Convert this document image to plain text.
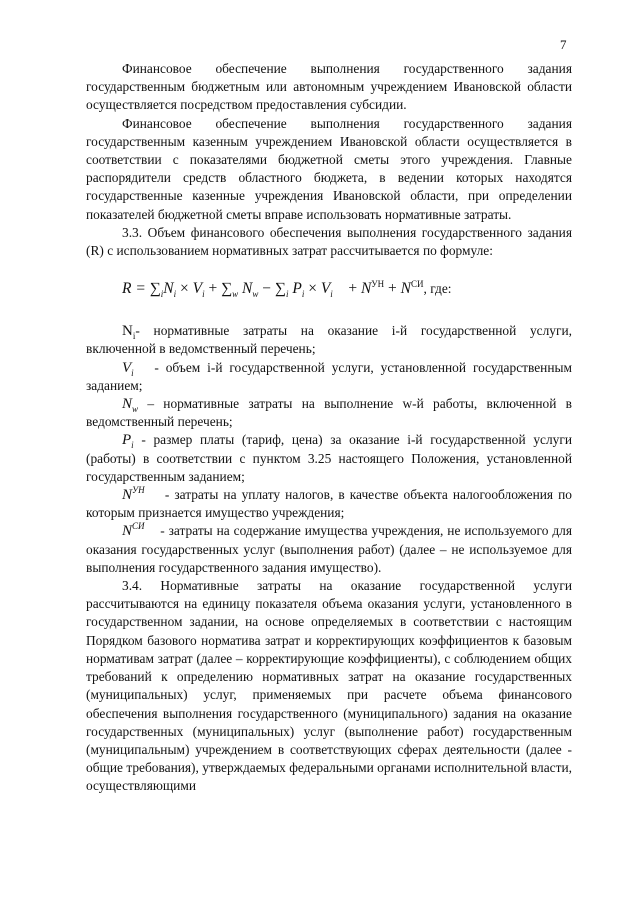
7

Финансовое обеспечение выполнения государственного задания государственным бюджетным или автономным учреждением Ивановской области осуществляется посредством предоставления субсидии.

Финансовое обеспечение выполнения государственного задания государственным казенным учреждением Ивановской области осуществляется в соответствии с показателями бюджетной сметы этого учреждения. Главные распорядители средств областного бюджета, в ведении которых находятся государственные казенные учреждения Ивановской области, при определении показателей бюджетной сметы вправе использовать нормативные затраты.

3.3. Объем финансового обеспечения выполнения государственного задания (R) с использованием нормативных затрат рассчитывается по формуле:

$R = \sum_iN_i \times V_i + \sum_w$ $N_w - \sum_i$ $P_i \times V_i$    + $N^{УН} + N^{СИ}$, где:

$N_i-$ нормативные затраты на оказание i-й государственной услуги, включенной в ведомственный перечень;

$V_i$ - объем i-й государственной услуги, установленной государственным заданием;

$N_w$ – нормативные затраты на выполнение w-й работы, включенной в ведомственный перечень;

$P_i$ - размер платы (тариф, цена) за оказание i-й государственной услуги (работы) в соответствии с пунктом 3.25 настоящего Положения, установленной государственным заданием;

$N^{УН}$ - затраты на уплату налогов, в качестве объекта налогообложения по которым признается имущество учреждения;

$N^{СИ}$ - затраты на содержание имущества учреждения, не используемого для оказания государственных услуг (выполнения работ) (далее – не используемое для выполнения государственного задания имущество).

3.4. Нормативные затраты на оказание государственной услуги рассчитываются на единицу показателя объема оказания услуги, установленного в государственном задании, на основе определяемых в соответствии с настоящим Порядком базового норматива затрат и корректирующих коэффициентов к базовым нормативам затрат (далее – корректирующие коэффициенты), с соблюдением общих требований к определению нормативных затрат на оказание государственных (муниципальных) услуг, применяемых при расчете объема финансового обеспечения выполнения государственного (муниципального) задания на оказание государственных (муниципальных) услуг (выполнение работ) государственным (муниципальным) учреждением в соответствующих сферах деятельности (далее - общие требования), утверждаемых федеральными органами исполнительной власти, осуществляющими
